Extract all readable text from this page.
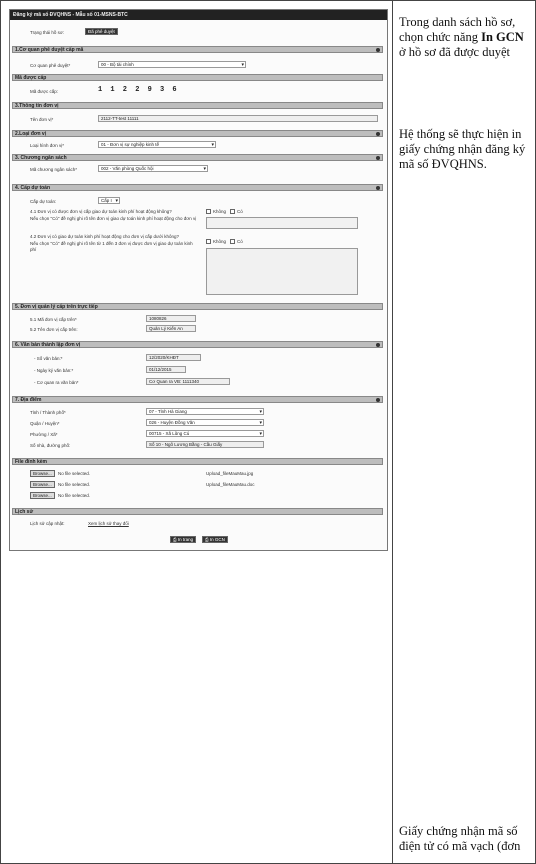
Đăng ký mã số ĐVQHNS - Mẫu số 01-MSNS-BTC
Trạng thái hồ sơ:	Đã phê duyệt
1.Cơ quan phê duyệt cấp mã
Cơ quan phê duyệt*	00 - Bộ tài chính ▾
Mã được cấp
Mã được cấp:	1 1 2 2 9 3 6
3.Thông tin đơn vị
Tên đơn vị*	2112-TT-test 11111
2.Loại đơn vị
Loại hình đơn vị*	01 - Đơn vị sự nghiệp kinh tế ▾
3. Chương ngân sách
Mã chương ngân sách*	002 - Văn phòng Quốc hội ▾
4. Cấp dự toán
Cấp dự toán:	Cấp I ▾
4.1 Đơn vị có được đơn vị cấp giao dự toán kinh phí hoạt động không?
Nếu chọn "Có" đề nghị ghi rõ tên đơn vị giao dự toán kinh phí hoạt động cho đơn vị
Không Có
4.2 Đơn vị có giao dự toán kinh phí hoạt động cho đơn vị cấp dưới không?
Nếu chọn "Có" đề nghị ghi rõ tên từ 1 đến 3 đơn vị được đơn vị giao dự toán kinh phí
Không Có
5. Đơn vị quản lý cấp trên trực tiếp
5.1 Mã đơn vị cấp trên*	1080826
5.2 Tên đơn vị cấp trên:	Quản Lý Kiến An
6. Văn bản thành lập đơn vị
- Số văn bản:*	12/2020/KHĐT
- Ngày ký văn bản:*	01/12/2015
- Cơ quan ra văn bản*	Cơ Quan ra VB: 1111340
7. Địa điểm
Tỉnh / Thành phố*	07 - Tỉnh Hà Giang ▾
Quận / Huyện*	026 - Huyện Đồng Văn ▾
Phường / Xã*	00715 - Xã Lũng Cú ▾
Số nhà, đường phố:	Số 10 - Ngõ Lương Bằng - Cầu Giấy
File đính kèm
Browse...	No file selected.	Upload_fileMauMau.jpg
Browse...	No file selected.	Upload_fileMauMau.doc
Browse...	No file selected.
Lịch sử
Lịch sử cập nhật:	Xem lịch sử thay đổi
⎙ In trang	⎙ In GCN
Trong danh sách hồ sơ, chọn chức năng In GCN ở hồ sơ đã được duyệt
Hệ thống sẽ thực hiện in giấy chứng nhận đăng ký mã số ĐVQHNS.
Giấy chứng nhận mã số điện tử có mã vạch (đơn
